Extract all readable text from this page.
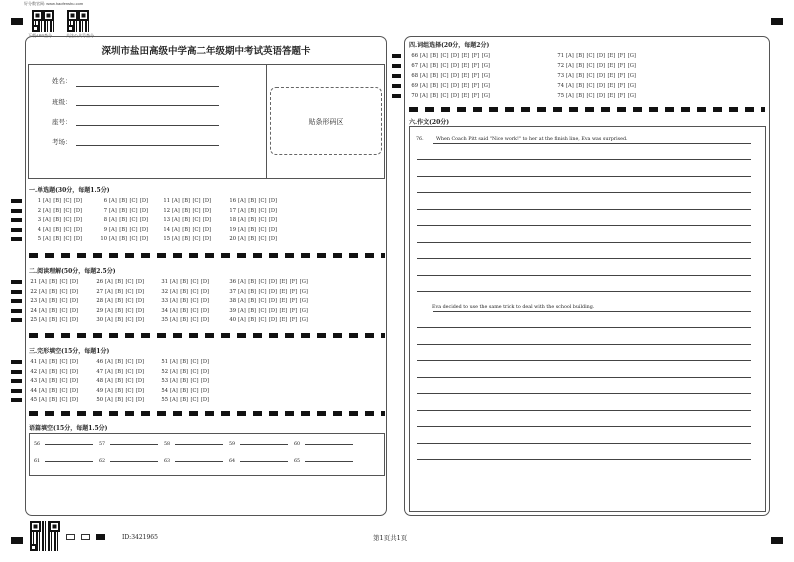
好分数官网: www.haofenshu.com
下载APP查分	关注公众号查分
深圳市盐田高级中学高二年级期中考试英语答题卡
姓名：
班级：
座号：
考场：
贴条形码区
一.单选题(30分，每题1.5分)
1 [A] [B] [C] [D]	6 [A] [B] [C] [D]	11 [A] [B] [C] [D]	16 [A] [B] [C] [D]
2 [A] [B] [C] [D]	7 [A] [B] [C] [D]	12 [A] [B] [C] [D]	17 [A] [B] [C] [D]
3 [A] [B] [C] [D]	8 [A] [B] [C] [D]	13 [A] [B] [C] [D]	18 [A] [B] [C] [D]
4 [A] [B] [C] [D]	9 [A] [B] [C] [D]	14 [A] [B] [C] [D]	19 [A] [B] [C] [D]
5 [A] [B] [C] [D]	10 [A] [B] [C] [D]	15 [A] [B] [C] [D]	20 [A] [B] [C] [D]
二.阅读理解(50分，每题2.5分)
21 [A] [B] [C] [D]	26 [A] [B] [C] [D]	31 [A] [B] [C] [D]	36 [A] [B] [C] [D] [E] [F] [G]
22 [A] [B] [C] [D]	27 [A] [B] [C] [D]	32 [A] [B] [C] [D]	37 [A] [B] [C] [D] [E] [F] [G]
23 [A] [B] [C] [D]	28 [A] [B] [C] [D]	33 [A] [B] [C] [D]	38 [A] [B] [C] [D] [E] [F] [G]
24 [A] [B] [C] [D]	29 [A] [B] [C] [D]	34 [A] [B] [C] [D]	39 [A] [B] [C] [D] [E] [F] [G]
25 [A] [B] [C] [D]	30 [A] [B] [C] [D]	35 [A] [B] [C] [D]	40 [A] [B] [C] [D] [E] [F] [G]
三.完形填空(15分，每题1分)
41 [A] [B] [C] [D]	46 [A] [B] [C] [D]	51 [A] [B] [C] [D]
42 [A] [B] [C] [D]	47 [A] [B] [C] [D]	52 [A] [B] [C] [D]
43 [A] [B] [C] [D]	48 [A] [B] [C] [D]	53 [A] [B] [C] [D]
44 [A] [B] [C] [D]	49 [A] [B] [C] [D]	54 [A] [B] [C] [D]
45 [A] [B] [C] [D]	50 [A] [B] [C] [D]	55 [A] [B] [C] [D]
语篇填空(15分，每题1.5分)
56	57	58	59	60
61	62	63	64	65
ID:3421965	第1页共1页
四.词组选择(20分，每题2分)
66 [A] [B] [C] [D] [E] [F] [G]	71 [A] [B] [C] [D] [E] [F] [G]
67 [A] [B] [C] [D] [E] [F] [G]	72 [A] [B] [C] [D] [E] [F] [G]
68 [A] [B] [C] [D] [E] [F] [G]	73 [A] [B] [C] [D] [E] [F] [G]
69 [A] [B] [C] [D] [E] [F] [G]	74 [A] [B] [C] [D] [E] [F] [G]
70 [A] [B] [C] [D] [E] [F] [G]	75 [A] [B] [C] [D] [E] [F] [G]
六.作文(20分)
76.	When Coach Pitt said "Nice work!" to her at the finish line, Eva was surprised.
Eva decided to use the same trick to deal with the school building.
